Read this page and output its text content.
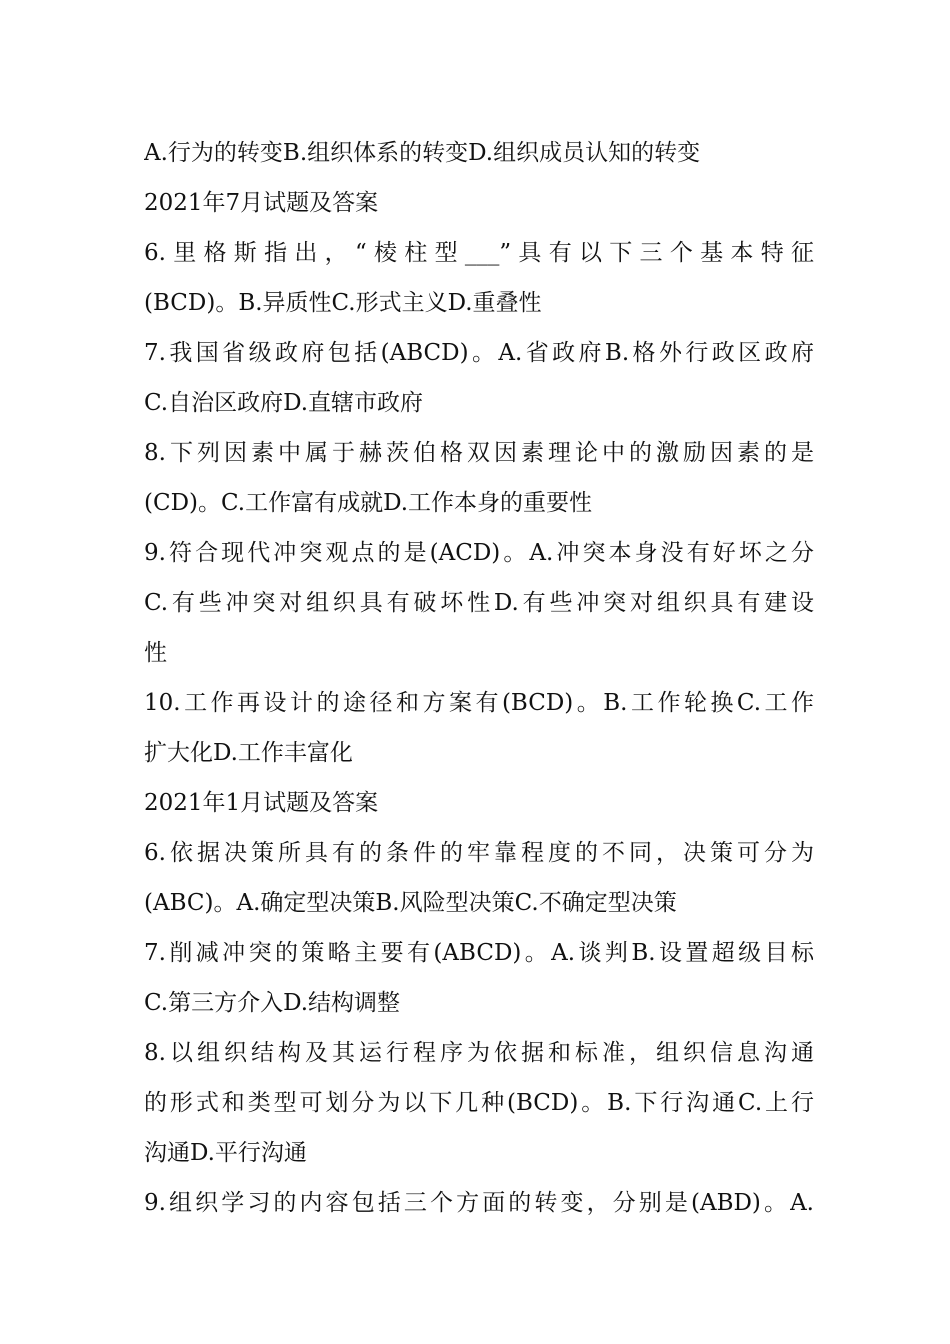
A.行为的转变B.组织体系的转变D.组织成员认知的转变
2021年7月试题及答案
6.里格斯指出，“棱柱型___”具有以下三个基本特征
(BCD)。B.异质性C.形式主义D.重叠性
7.我国省级政府包括(ABCD)。A.省政府B.格外行政区政府
C.自治区政府D.直辖市政府
8.下列因素中属于赫茨伯格双因素理论中的激励因素的是
(CD)。C.工作富有成就D.工作本身的重要性
9.符合现代冲突观点的是(ACD)。A.冲突本身没有好坏之分
C.有些冲突对组织具有破坏性D.有些冲突对组织具有建设
性
10.工作再设计的途径和方案有(BCD)。B.工作轮换C.工作
扩大化D.工作丰富化
2021年1月试题及答案
6.依据决策所具有的条件的牢靠程度的不同，决策可分为
(ABC)。A.确定型决策B.风险型决策C.不确定型决策
7.削减冲突的策略主要有(ABCD)。A.谈判B.设置超级目标
C.第三方介入D.结构调整
8.以组织结构及其运行程序为依据和标准，组织信息沟通
的形式和类型可划分为以下几种(BCD)。B.下行沟通C.上行
沟通D.平行沟通
9.组织学习的内容包括三个方面的转变，分别是(ABD)。A.
